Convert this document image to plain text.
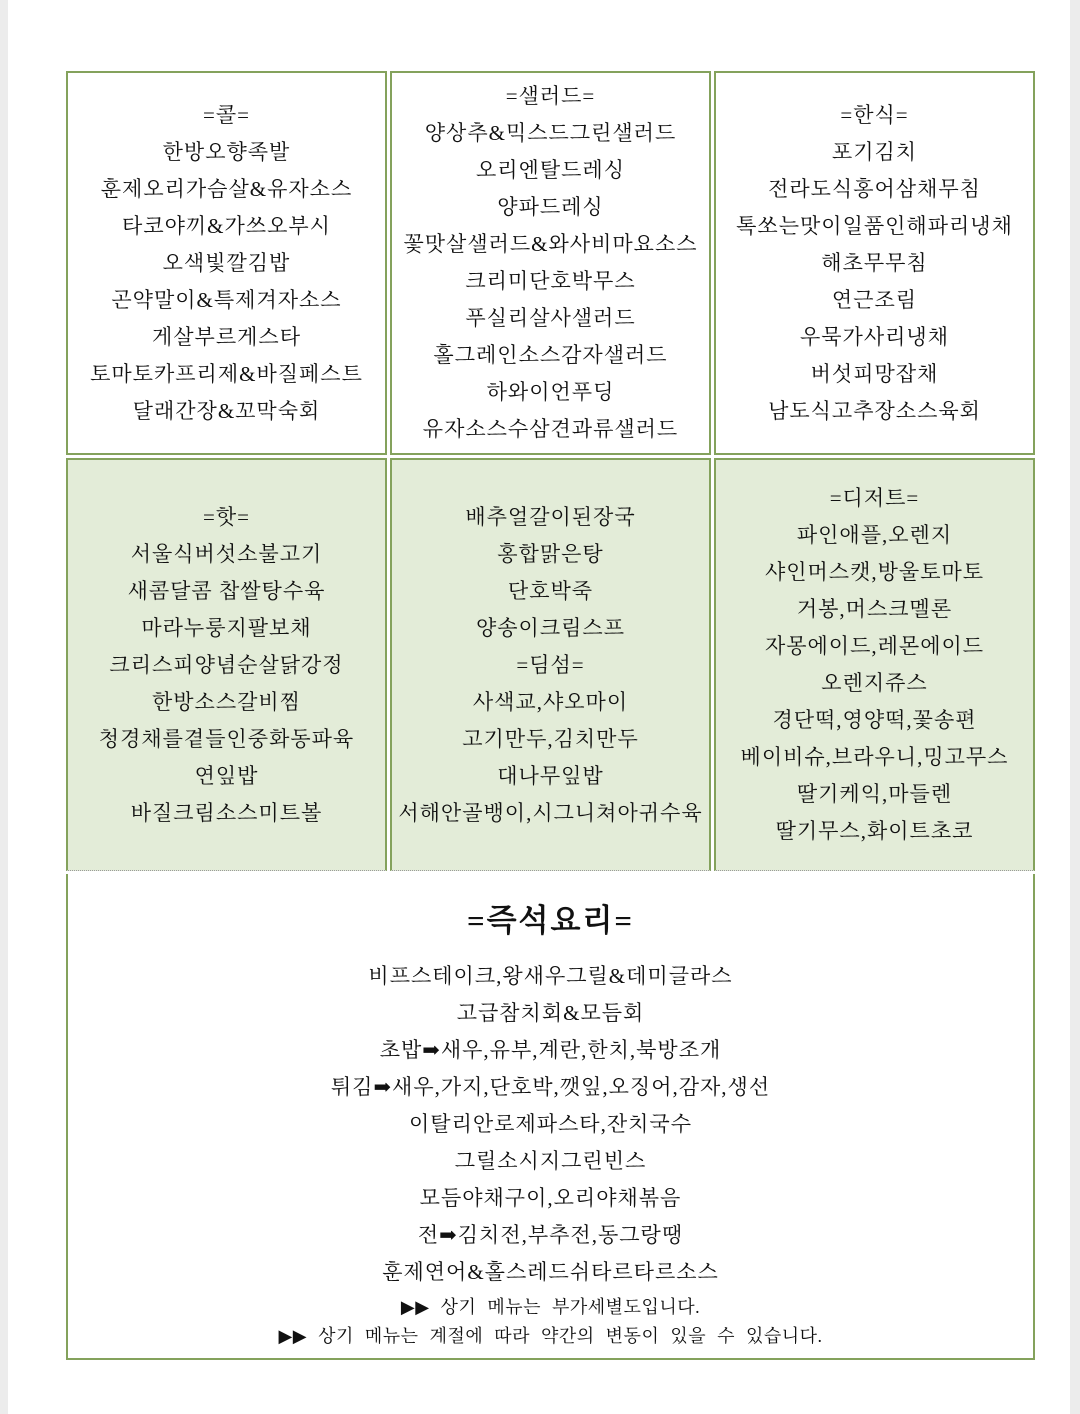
=콜=
한방오향족발
훈제오리가슴살&유자소스
타코야끼&가쓰오부시
오색빛깔김밥
곤약말이&특제겨자소스
게살부르게스타
토마토카프리제&바질페스트
달래간장&꼬막숙회
=샐러드=
양상추&믹스드그린샐러드
오리엔탈드레싱
양파드레싱
꽃맛살샐러드&와사비마요소스
크리미단호박무스
푸실리살사샐러드
홀그레인소스감자샐러드
하와이언푸딩
유자소스수삼견과류샐러드
=한식=
포기김치
전라도식홍어삼채무침
톡쏘는맛이일품인해파리냉채
해초무무침
연근조림
우묵가사리냉채
버섯피망잡채
남도식고추장소스육회
=핫=
서울식버섯소불고기
새콤달콤 찹쌀탕수육
마라누룽지팔보채
크리스피양념순살닭강정
한방소스갈비찜
청경채를곁들인중화동파육
연잎밥
바질크림소스미트볼
배추얼갈이된장국
홍합맑은탕
단호박죽
양송이크림스프
=딤섬=
사색교,샤오마이
고기만두,김치만두
대나무잎밥
서해안골뱅이,시그니쳐아귀수육
=디저트=
파인애플,오렌지
샤인머스캣,방울토마토
거봉,머스크멜론
자몽에이드,레몬에이드
오렌지쥬스
경단떡,영양떡,꽃송편
베이비슈,브라우니,밍고무스
딸기케익,마들렌
딸기무스,화이트초코
=즉석요리=
비프스테이크,왕새우그릴&데미글라스
고급참치회&모듬회
초밥➡새우,유부,계란,한치,북방조개
튀김➡새우,가지,단호박,깻잎,오징어,감자,생선
이탈리안로제파스타,잔치국수
그릴소시지그린빈스
모듬야채구이,오리야채볶음
전➡김치전,부추전,동그랑땡
훈제연어&홀스레드쉬타르타르소스
▶▶ 상기 메뉴는 부가세별도입니다.
▶▶ 상기 메뉴는 계절에 따라 약간의 변동이 있을 수 있습니다.
